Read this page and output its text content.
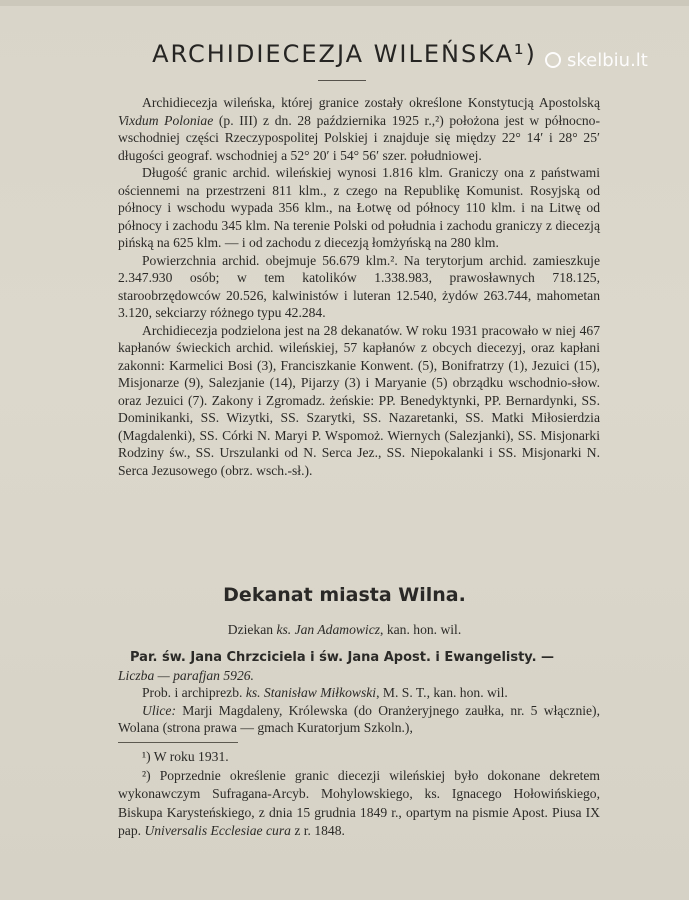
ARCHIDIECEZJA WILEŃSKA¹)	skelbiu.lt

Archidiecezja wileńska, której granice zostały określone Konstytucją Apostolską Vixdum Poloniae (p. III) z dn. 28 października 1925 r.,²) położona jest w północno-wschodniej części Rzeczypospolitej Polskiej i znajduje się między 22° 14′ i 28° 25′ długości geograf. wschodniej a 52° 20′ i 54° 56′ szer. południowej.

Długość granic archid. wileńskiej wynosi 1.816 klm. Graniczy ona z państwami ościennemi na przestrzeni 811 klm., z czego na Republikę Komunist. Rosyjską od północy i wschodu wypada 356 klm., na Łotwę od północy 110 klm. i na Litwę od północy i zachodu 345 klm. Na terenie Polski od południa i zachodu graniczy z diecezją pińską na 625 klm. — i od zachodu z diecezją łomżyńską na 280 klm.

Powierzchnia archid. obejmuje 56.679 klm.². Na terytorjum archid. zamieszkuje 2.347.930 osób; w tem katolików 1.338.983, prawosławnych 718.125, staroobrzędowców 20.526, kalwinistów i luteran 12.540, żydów 263.744, mahometan 3.120, sekciarzy różnego typu 42.284.

Archidiecezja podzielona jest na 28 dekanatów. W roku 1931 pracowało w niej 467 kapłanów świeckich archid. wileńskiej, 57 kapłanów z obcych diecezyj, oraz kapłani zakonni: Karmelici Bosi (3), Franciszkanie Konwent. (5), Bonifratrzy (1), Jezuici (15), Misjonarze (9), Salezjanie (14), Pijarzy (3) i Maryanie (5) obrządku wschodnio-słow. oraz Jezuici (7). Zakony i Zgromadz. żeńskie: PP. Benedyktynki, PP. Bernardynki, SS. Dominikanki, SS. Wizytki, SS. Szarytki, SS. Nazaretanki, SS. Matki Miłosierdzia (Magdalenki), SS. Córki N. Maryi P. Wspomoż. Wiernych (Salezjanki), SS. Misjonarki Rodziny św., SS. Urszulanki od N. Serca Jez., SS. Niepokalanki i SS. Misjonarki N. Serca Jezusowego (obrz. wsch.-sł.).

Dekanat miasta Wilna.
Dziekan ks. Jan Adamowicz, kan. hon. wil.
Par. św. Jana Chrzciciela i św. Jana Apost. i Ewangelisty. —
Liczba — parafjan 5926.
Prob. i archiprezb. ks. Stanisław Miłkowski, M. S. T., kan. hon. wil.
Ulice: Marji Magdaleny, Królewska (do Oranżeryjnego zaułka, nr. 5 włącznie), Wolana (strona prawa — gmach Kuratorjum Szkoln.),

¹) W roku 1931.

²) Poprzednie określenie granic diecezji wileńskiej było dokonane dekretem wykonawczym Sufragana-Arcyb. Mohylowskiego, ks. Ignacego Hołowińskiego, Biskupa Karysteńskiego, z dnia 15 grudnia 1849 r., opartym na pismie Apost. Piusa IX pap. Universalis Ecclesiae cura z r. 1848.
